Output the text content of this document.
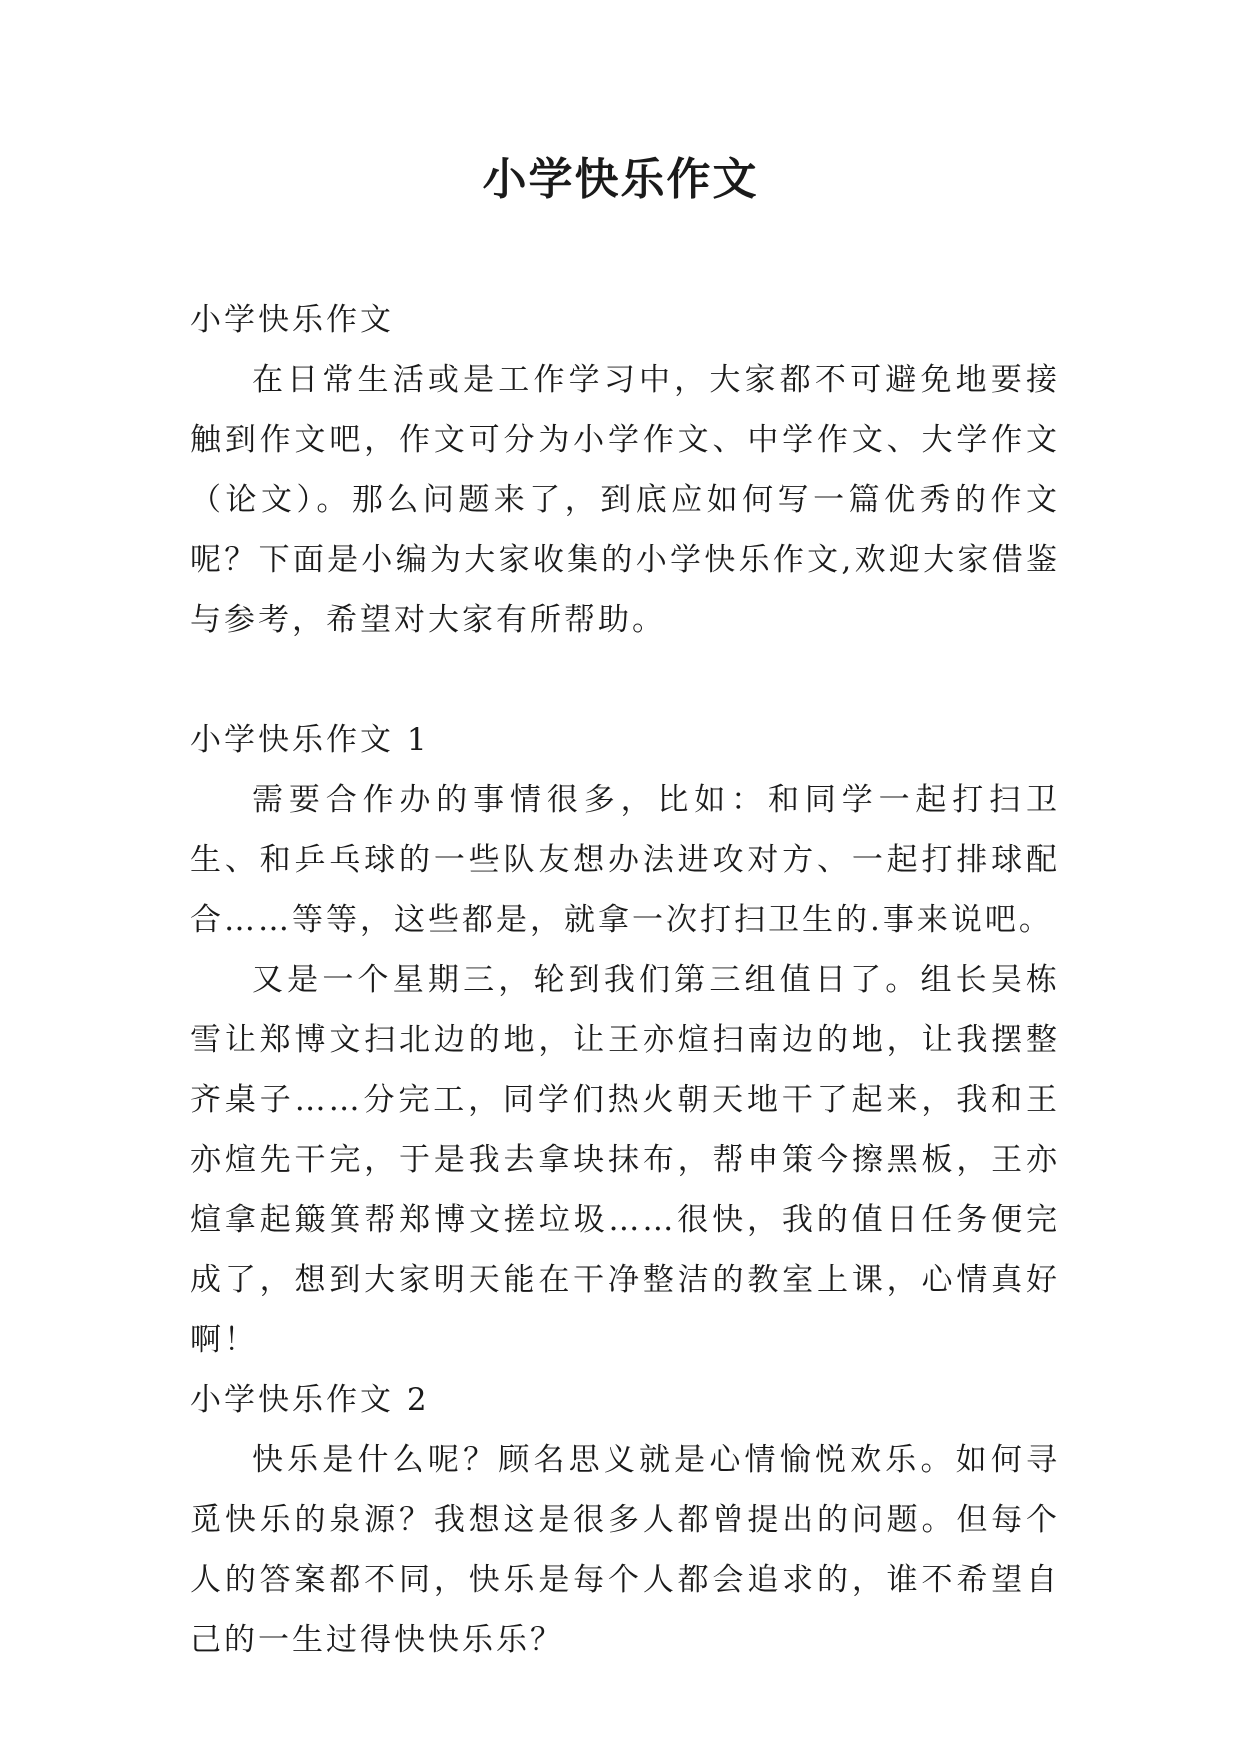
小学快乐作文

小学快乐作文

在日常生活或是工作学习中，大家都不可避免地要接触到作文吧，作文可分为小学作文、中学作文、大学作文（论文）。那么问题来了，到底应如何写一篇优秀的作文呢？下面是小编为大家收集的小学快乐作文,欢迎大家借鉴与参考，希望对大家有所帮助。

小学快乐作文 1

需要合作办的事情很多，比如：和同学一起打扫卫生、和乒乓球的一些队友想办法进攻对方、一起打排球配合……等等，这些都是，就拿一次打扫卫生的.事来说吧。

又是一个星期三，轮到我们第三组值日了。组长吴栋雪让郑博文扫北边的地，让王亦煊扫南边的地，让我摆整齐桌子……分完工，同学们热火朝天地干了起来，我和王亦煊先干完，于是我去拿块抹布，帮申策今擦黑板，王亦煊拿起簸箕帮郑博文搓垃圾……很快，我的值日任务便完成了，想到大家明天能在干净整洁的教室上课，心情真好啊！

小学快乐作文 2

快乐是什么呢？顾名思义就是心情愉悦欢乐。如何寻觅快乐的泉源？我想这是很多人都曾提出的问题。但每个人的答案都不同，快乐是每个人都会追求的，谁不希望自己的一生过得快快乐乐？
